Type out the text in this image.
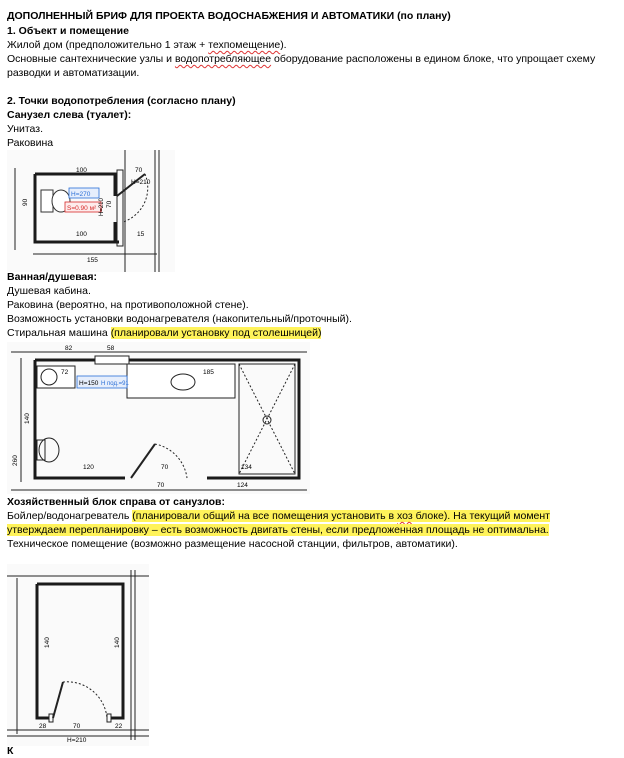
ДОПОЛНЕННЫЙ БРИФ ДЛЯ ПРОЕКТА ВОДОСНАБЖЕНИЯ И АВТОМАТИКИ (по плану)
1. Объект и помещение
Жилой дом (предположительно 1 этаж + техпомещение).
Основные сантехнические узлы и водопотребляющее оборудование расположены в едином блоке, что упрощает схему
разводки и автоматизации.
2. Точки водопотребления (согласно плану)
Санузел слева (туалет):
Унитаз.
Раковина
100	70
Н=210
Н=270
S=0.90 м²
90	70
Н=210
100	15
155
Ванная/душевая:
Душевая кабина.
Раковина (вероятно, на противоположной стене).
Возможность установки водонагревателя (накопительный/проточный).
Стиральная машина (планировали установку под столешницей)
82	58
72	185
Н=150 Н под.=91
140
260
120	70	134
70	124
Хозяйственный блок справа от санузлов:
Бойлер/водонагреватель (планировали общий на все помещения установить в хоз блоке). На текущий момент
утверждаем перепланировку – есть возможность двигать стены, если предложенная площадь не оптимальна.
Техническое помещение (возможно размещение насосной станции, фильтров, автоматики).
140	140
28	70	22
Н=210
К
